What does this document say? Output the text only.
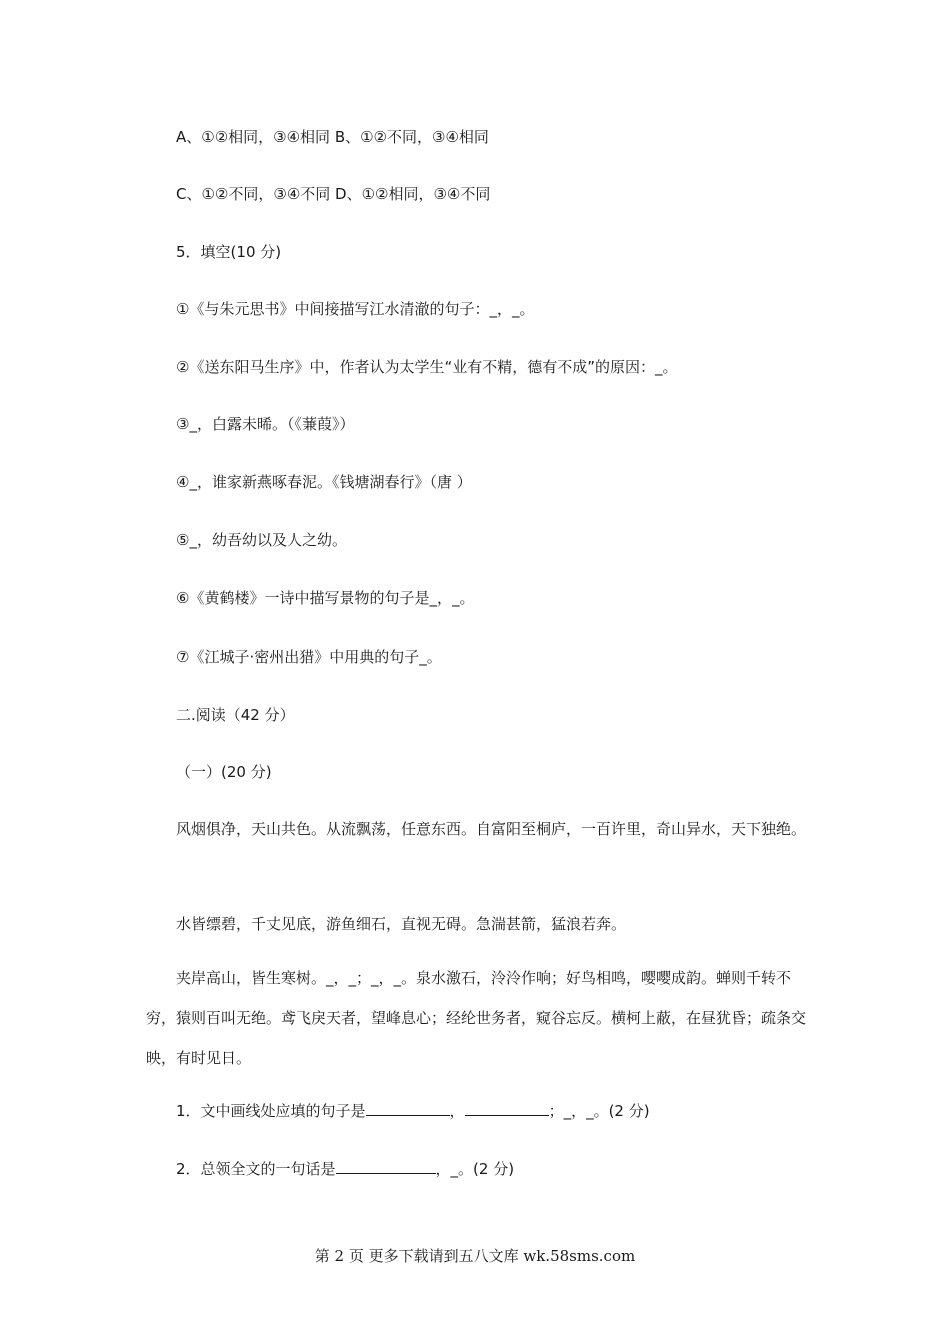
A、①②相同，③④相同 B、①②不同，③④相同
C、①②不同，③④不同 D、①②相同，③④不同
5．填空(10 分)
①《与朱元思书》中间接描写江水清澈的句子：_，_。
②《送东阳马生序》中，作者认为太学生“业有不精，德有不成”的原因：_。
③_，白露未晞。（《蒹葭》）
④_，谁家新燕啄春泥。《钱塘湖春行》（唐 ）
⑤_，幼吾幼以及人之幼。
⑥《黄鹤楼》一诗中描写景物的句子是_，_。
⑦《江城子·密州出猎》中用典的句子_。
二.阅读（42 分）
（一）(20 分)
风烟俱净，天山共色。从流飘荡，任意东西。自富阳至桐庐，一百许里，奇山异水，天下独绝。
水皆缥碧，千丈见底，游鱼细石，直视无碍。急湍甚箭，猛浪若奔。
夹岸高山，皆生寒树。_，_；_，_。泉水激石，泠泠作响；好鸟相鸣，嘤嘤成韵。蝉则千转不穷，猿则百叫无绝。鸢飞戾天者，望峰息心；经纶世务者，窥谷忘反。横柯上蔽，在昼犹昏；疏条交映，有时见日。
1．文中画线处应填的句子是	，	；_，_。(2 分)
2．总领全文的一句话是	，_。(2 分)
第 2 页 更多下载请到五八文库 wk.58sms.com
